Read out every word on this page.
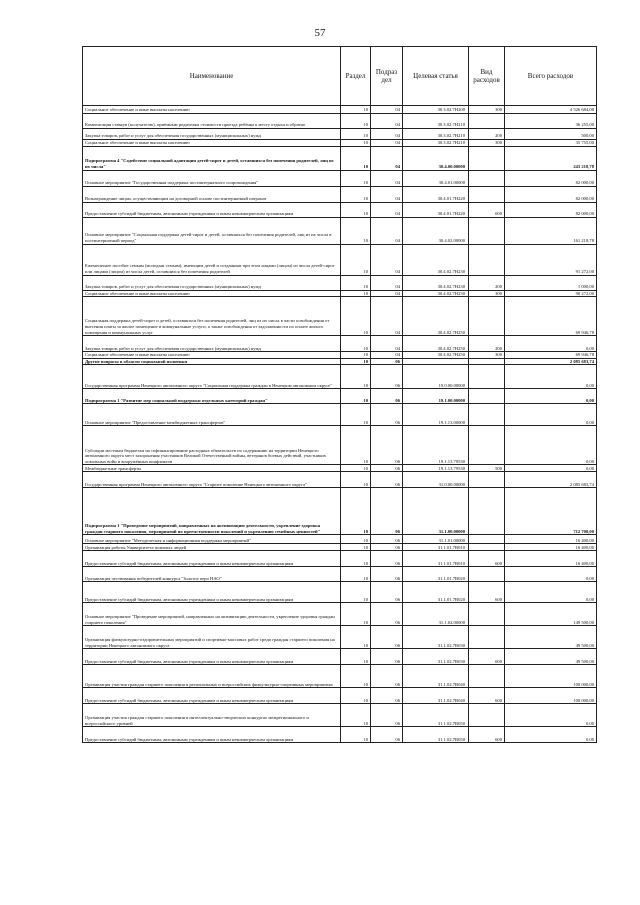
57
Наименование	Раздел	Подраз дел	Целевая статья	Вид расходов	Всего расходов
Социальное обеспечение и иные выплаты населению	10	04	30.3.02.7Н200	300	4 526 684,08
Компенсация ставкув (получателю), приёмным родителям стоимости проезда ребёнка к месту отдыха и обратно	10	04	30.3.02.7Н210		36 255,00
Закупка товаров, работ и услуг для обеспечения государственных (муниципальных) нужд	10	04	30.3.02.7Н210	200	500,00
Социальное обеспечение и иные выплаты населению	10	04	30.3.02.7Н210	300	35 755,00
Подпрограмма 4 "Содействие социальной адаптации детей-сирот и детей, оставшихся без попечения родителей, лиц из их числа"	10	04	30.4.00.00000		243 218,78
Основное мероприятие "Государственная поддержка постинтернатного сопровождения"	10	04	30.4.01.00000		82 000,00
Вознаграждение лицам, осуществляющим на договорной основе постинтернатный патронат	10	04	30.4.01.7Н220		82 000,00
Предоставление субсидий бюджетным, автономным учреждениям и иным некоммерческим организациям	10	04	30.4.01.7Н220	600	82 000,00
Основное мероприятие "Социальная поддержка детей-сирот и детей, оставшихся без попечения родителей, лиц из их числа в постинтернатный период"	10	04	30.4.02.00000		161 218,78
Ежемесячное пособие семьям (молодым семьям), имеющим детей и созданным при этом лицами (лицом) из числа детей-сирот или лицами (лицом) из числа детей, оставшихся без попечения родителей	10	04	30.4.02.7Н230		91 272,00
Закупка товаров, работ и услуг для обеспечения государственных (муниципальных) нужд	10	04	30.4.02.7Н230	200	1 000,00
Социальное обеспечение и иные выплаты населению	10	04	30.4.02.7Н230	300	90 272,00
Социальная поддержка детей-сирот и детей, оставшихся без попечения родителей, лиц из их числа в части освобождения от внесения платы за жилое помещение и коммунальные услуги, а также освобождения от задолженности по оплате жилого помещения и коммунальных услуг	10	04	30.4.02.7Н250		69 946,78
Закупка товаров, работ и услуг для обеспечения государственных (муниципальных) нужд	10	04	30.4.02.7Н250	200	0,00
Социальное обеспечение и иные выплаты населению	10	04	30.4.02.7Н250	300	69 946,78
Другие вопросы в области социальной политики	10	06			2 085 683,74
Государственная программа Ненецкого автономного округа "Социальная поддержка граждан в Ненецком автономном округе"	10	06	19.0.00.00000		0,00
Подпрограмма 1 "Развитие мер социальной поддержки отдельных категорий граждан"	10	06	19.1.00.00000		0,00
Основное мероприятие "Предоставление межбюджетных трансфертов"	10	06	19.1.13.00000		0,00
Субсидии местным бюджетам на софинансирование расходных обязательств по содержанию на территории Ненецкого автономного округа мест захоронения участников Великой Отечественной войны, ветеранов боевых действий, участников локальных войн и вооружённых конфликтов	10	06	19.1.13.79530		0,00
Межбюджетные трансферты	10	06	19.1.13.79530	500	0,00
Государственная программа Ненецкого автономного округа "Старшее поколение Ненецкого автономного округа"	10	06	31.0.00.00000		2 085 683,74
Подпрограмма 1 "Проведение мероприятий, направленных на активизацию деятельности, укрепление здоровья граждан старшего поколения, мероприятий по преемственности поколений и укреплению семейных ценностей"	10	06	31.1.00.00000		712 700,00
Основное мероприятие "Методическая и информационная поддержка мероприятий"	10	06	31.1.01.00000		16 400,00
Организация работы Университета пожилых людей	10	06	31.1.01.7В010		16 400,00
Предоставление субсидий бюджетным, автономным учреждениям и иным некоммерческим организациям	10	06	31.1.01.7В010	600	16 400,00
Организация чествования победителей конкурса "Золотое перо НАО"	10	06	31.1.01.7В020		0,00
Предоставление субсидий бюджетным, автономным учреждениям и иным некоммерческим организациям	10	06	31.1.01.7В020	600	0,00
Основное мероприятие "Проведение мероприятий, направленных на активизацию деятельности, укрепление здоровья граждан старшего поколения"	10	06	31.1.02.00000		149 500,00
Организация физкультурно-оздоровительных мероприятий и спортивно-массовых работ среди граждан старшего поколения на территории Ненецкого автономного округа	10	06	31.1.02.7В030		49 500,00
Предоставление субсидий бюджетным, автономным учреждениям и иным некоммерческим организациям	10	06	31.1.02.7В030	600	49 500,00
Организация участия граждан старшего поколения в региональных и всероссийских физкультурно-спортивных мероприятиях	10	06	31.1.02.7В040		100 000,00
Предоставление субсидий бюджетным, автономным учреждениям и иным некоммерческим организациям	10	06	31.1.02.7В040	600	100 000,00
Организация участия граждан старшего поколения в интеллектуально-творческих конкурсах межрегионального и всероссийского уровней	10	06	31.1.02.7В050		0,00
Предоставление субсидий бюджетным, автономным учреждениям и иным некоммерческим организациям	10	06	31.1.02.7В050	600	0,00
